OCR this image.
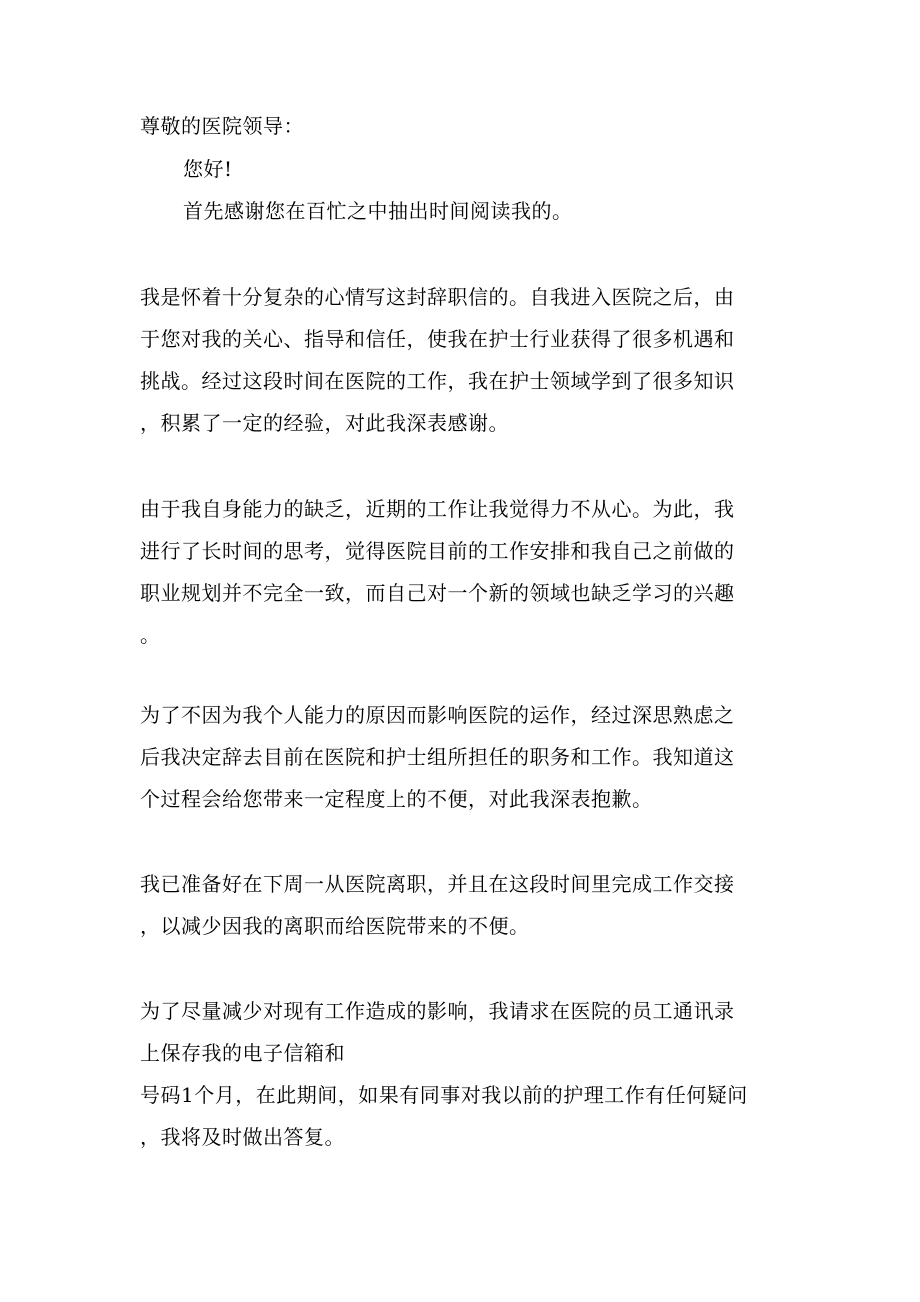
尊敬的医院领导：
您好!
首先感谢您在百忙之中抽出时间阅读我的。
我是怀着十分复杂的心情写这封辞职信的。自我进入医院之后，由
于您对我的关心、指导和信任，使我在护士行业获得了很多机遇和
挑战。经过这段时间在医院的工作，我在护士领域学到了很多知识
，积累了一定的经验，对此我深表感谢。
由于我自身能力的缺乏，近期的工作让我觉得力不从心。为此，我
进行了长时间的思考，觉得医院目前的工作安排和我自己之前做的
职业规划并不完全一致，而自己对一个新的领域也缺乏学习的兴趣
。
为了不因为我个人能力的原因而影响医院的运作，经过深思熟虑之
后我决定辞去目前在医院和护士组所担任的职务和工作。我知道这
个过程会给您带来一定程度上的不便，对此我深表抱歉。
我已准备好在下周一从医院离职，并且在这段时间里完成工作交接
，以减少因我的离职而给医院带来的不便。
为了尽量减少对现有工作造成的影响，我请求在医院的员工通讯录
上保存我的电子信箱和
号码1个月，在此期间，如果有同事对我以前的护理工作有任何疑问
，我将及时做出答复。
